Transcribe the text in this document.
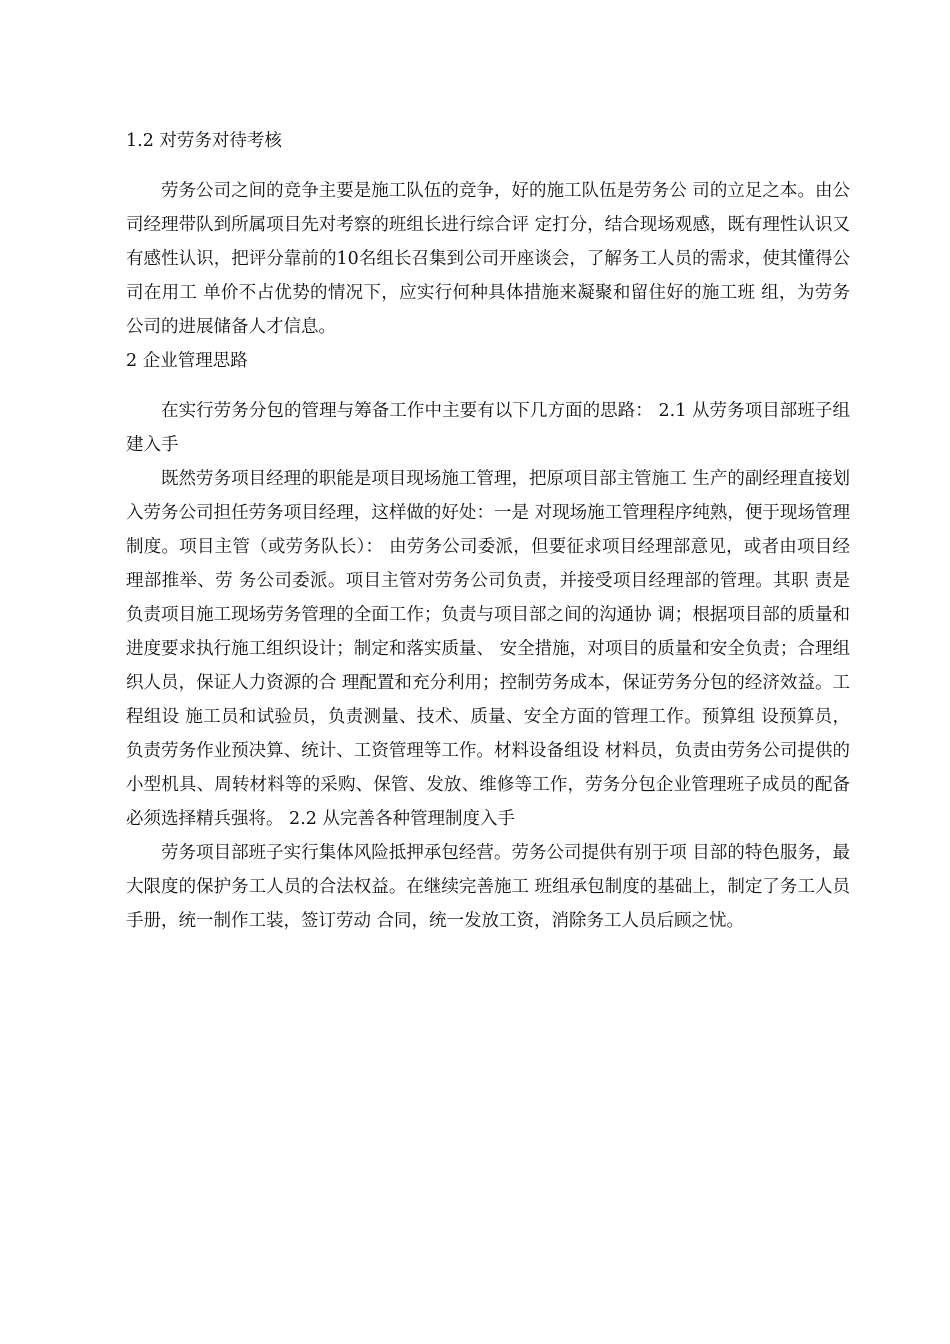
1.2 对劳务对待考核

劳务公司之间的竞争主要是施工队伍的竞争，好的施工队伍是劳务公 司的立足之本。由公司经理带队到所属项目先对考察的班组长进行综合评 定打分，结合现场观感，既有理性认识又有感性认识，把评分靠前的10名组长召集到公司开座谈会，了解务工人员的需求，使其懂得公司在用工 单价不占优势的情况下，应实行何种具体措施来凝聚和留住好的施工班 组，为劳务公司的进展储备人才信息。

2 企业管理思路

在实行劳务分包的管理与筹备工作中主要有以下几方面的思路： 2.1 从劳务项目部班子组建入手

既然劳务项目经理的职能是项目现场施工管理，把原项目部主管施工 生产的副经理直接划入劳务公司担任劳务项目经理，这样做的好处：一是 对现场施工管理程序纯熟，便于现场管理制度。项目主管（或劳务队长）： 由劳务公司委派，但要征求项目经理部意见，或者由项目经理部推举、劳 务公司委派。项目主管对劳务公司负责，并接受项目经理部的管理。其职 责是负责项目施工现场劳务管理的全面工作；负责与项目部之间的沟通协 调；根据项目部的质量和进度要求执行施工组织设计；制定和落实质量、 安全措施，对项目的质量和安全负责；合理组织人员，保证人力资源的合 理配置和充分利用；控制劳务成本，保证劳务分包的经济效益。工程组设 施工员和试验员，负责测量、技术、质量、安全方面的管理工作。预算组 设预算员，负责劳务作业预决算、统计、工资管理等工作。材料设备组设 材料员，负责由劳务公司提供的小型机具、周转材料等的采购、保管、发放、维修等工作，劳务分包企业管理班子成员的配备必须选择精兵强将。 2.2 从完善各种管理制度入手

劳务项目部班子实行集体风险抵押承包经营。劳务公司提供有别于项 目部的特色服务，最大限度的保护务工人员的合法权益。在继续完善施工 班组承包制度的基础上，制定了务工人员手册，统一制作工装，签订劳动 合同，统一发放工资，消除务工人员后顾之忧。
